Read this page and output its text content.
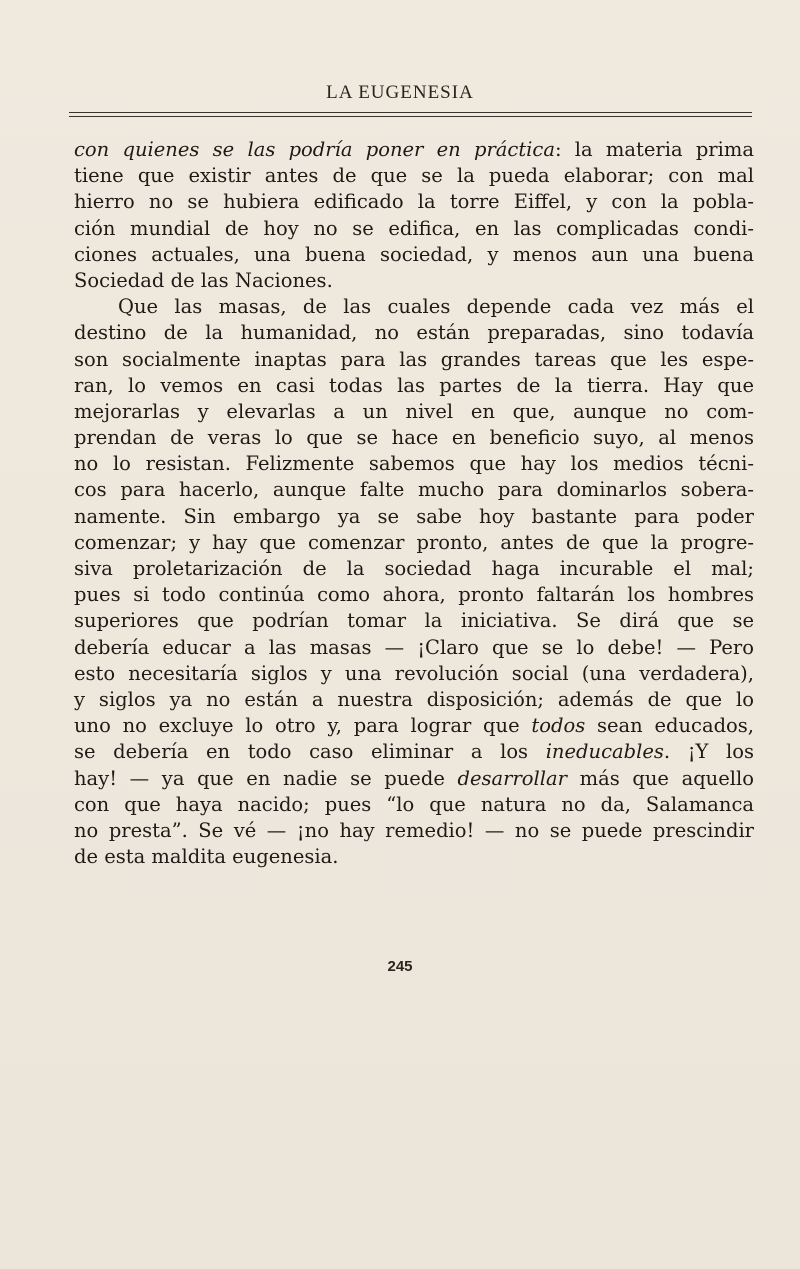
LA EUGENESIA
con quienes se las podría poner en práctica: la materia prima
tiene que existir antes de que se la pueda elaborar; con mal
hierro no se hubiera edificado la torre Eiffel, y con la pobla-
ción mundial de hoy no se edifica, en las complicadas condi-
ciones actuales, una buena sociedad, y menos aun una buena
Sociedad de las Naciones.
Que las masas, de las cuales depende cada vez más el
destino de la humanidad, no están preparadas, sino todavía
son socialmente inaptas para las grandes tareas que les espe-
ran, lo vemos en casi todas las partes de la tierra. Hay que
mejorarlas y elevarlas a un nivel en que, aunque no com-
prendan de veras lo que se hace en beneficio suyo, al menos
no lo resistan. Felizmente sabemos que hay los medios técni-
cos para hacerlo, aunque falte mucho para dominarlos sobera-
namente. Sin embargo ya se sabe hoy bastante para poder
comenzar; y hay que comenzar pronto, antes de que la progre-
siva proletarización de la sociedad haga incurable el mal;
pues si todo continúa como ahora, pronto faltarán los hombres
superiores que podrían tomar la iniciativa. Se dirá que se
debería educar a las masas — ¡Claro que se lo debe! — Pero
esto necesitaría siglos y una revolución social (una verdadera),
y siglos ya no están a nuestra disposición; además de que lo
uno no excluye lo otro y, para lograr que todos sean educados,
se debería en todo caso eliminar a los ineducables. ¡Y los
hay! — ya que en nadie se puede desarrollar más que aquello
con que haya nacido; pues “lo que natura no da, Salamanca
no presta”. Se vé — ¡no hay remedio! — no se puede prescindir
de esta maldita eugenesia.
245
